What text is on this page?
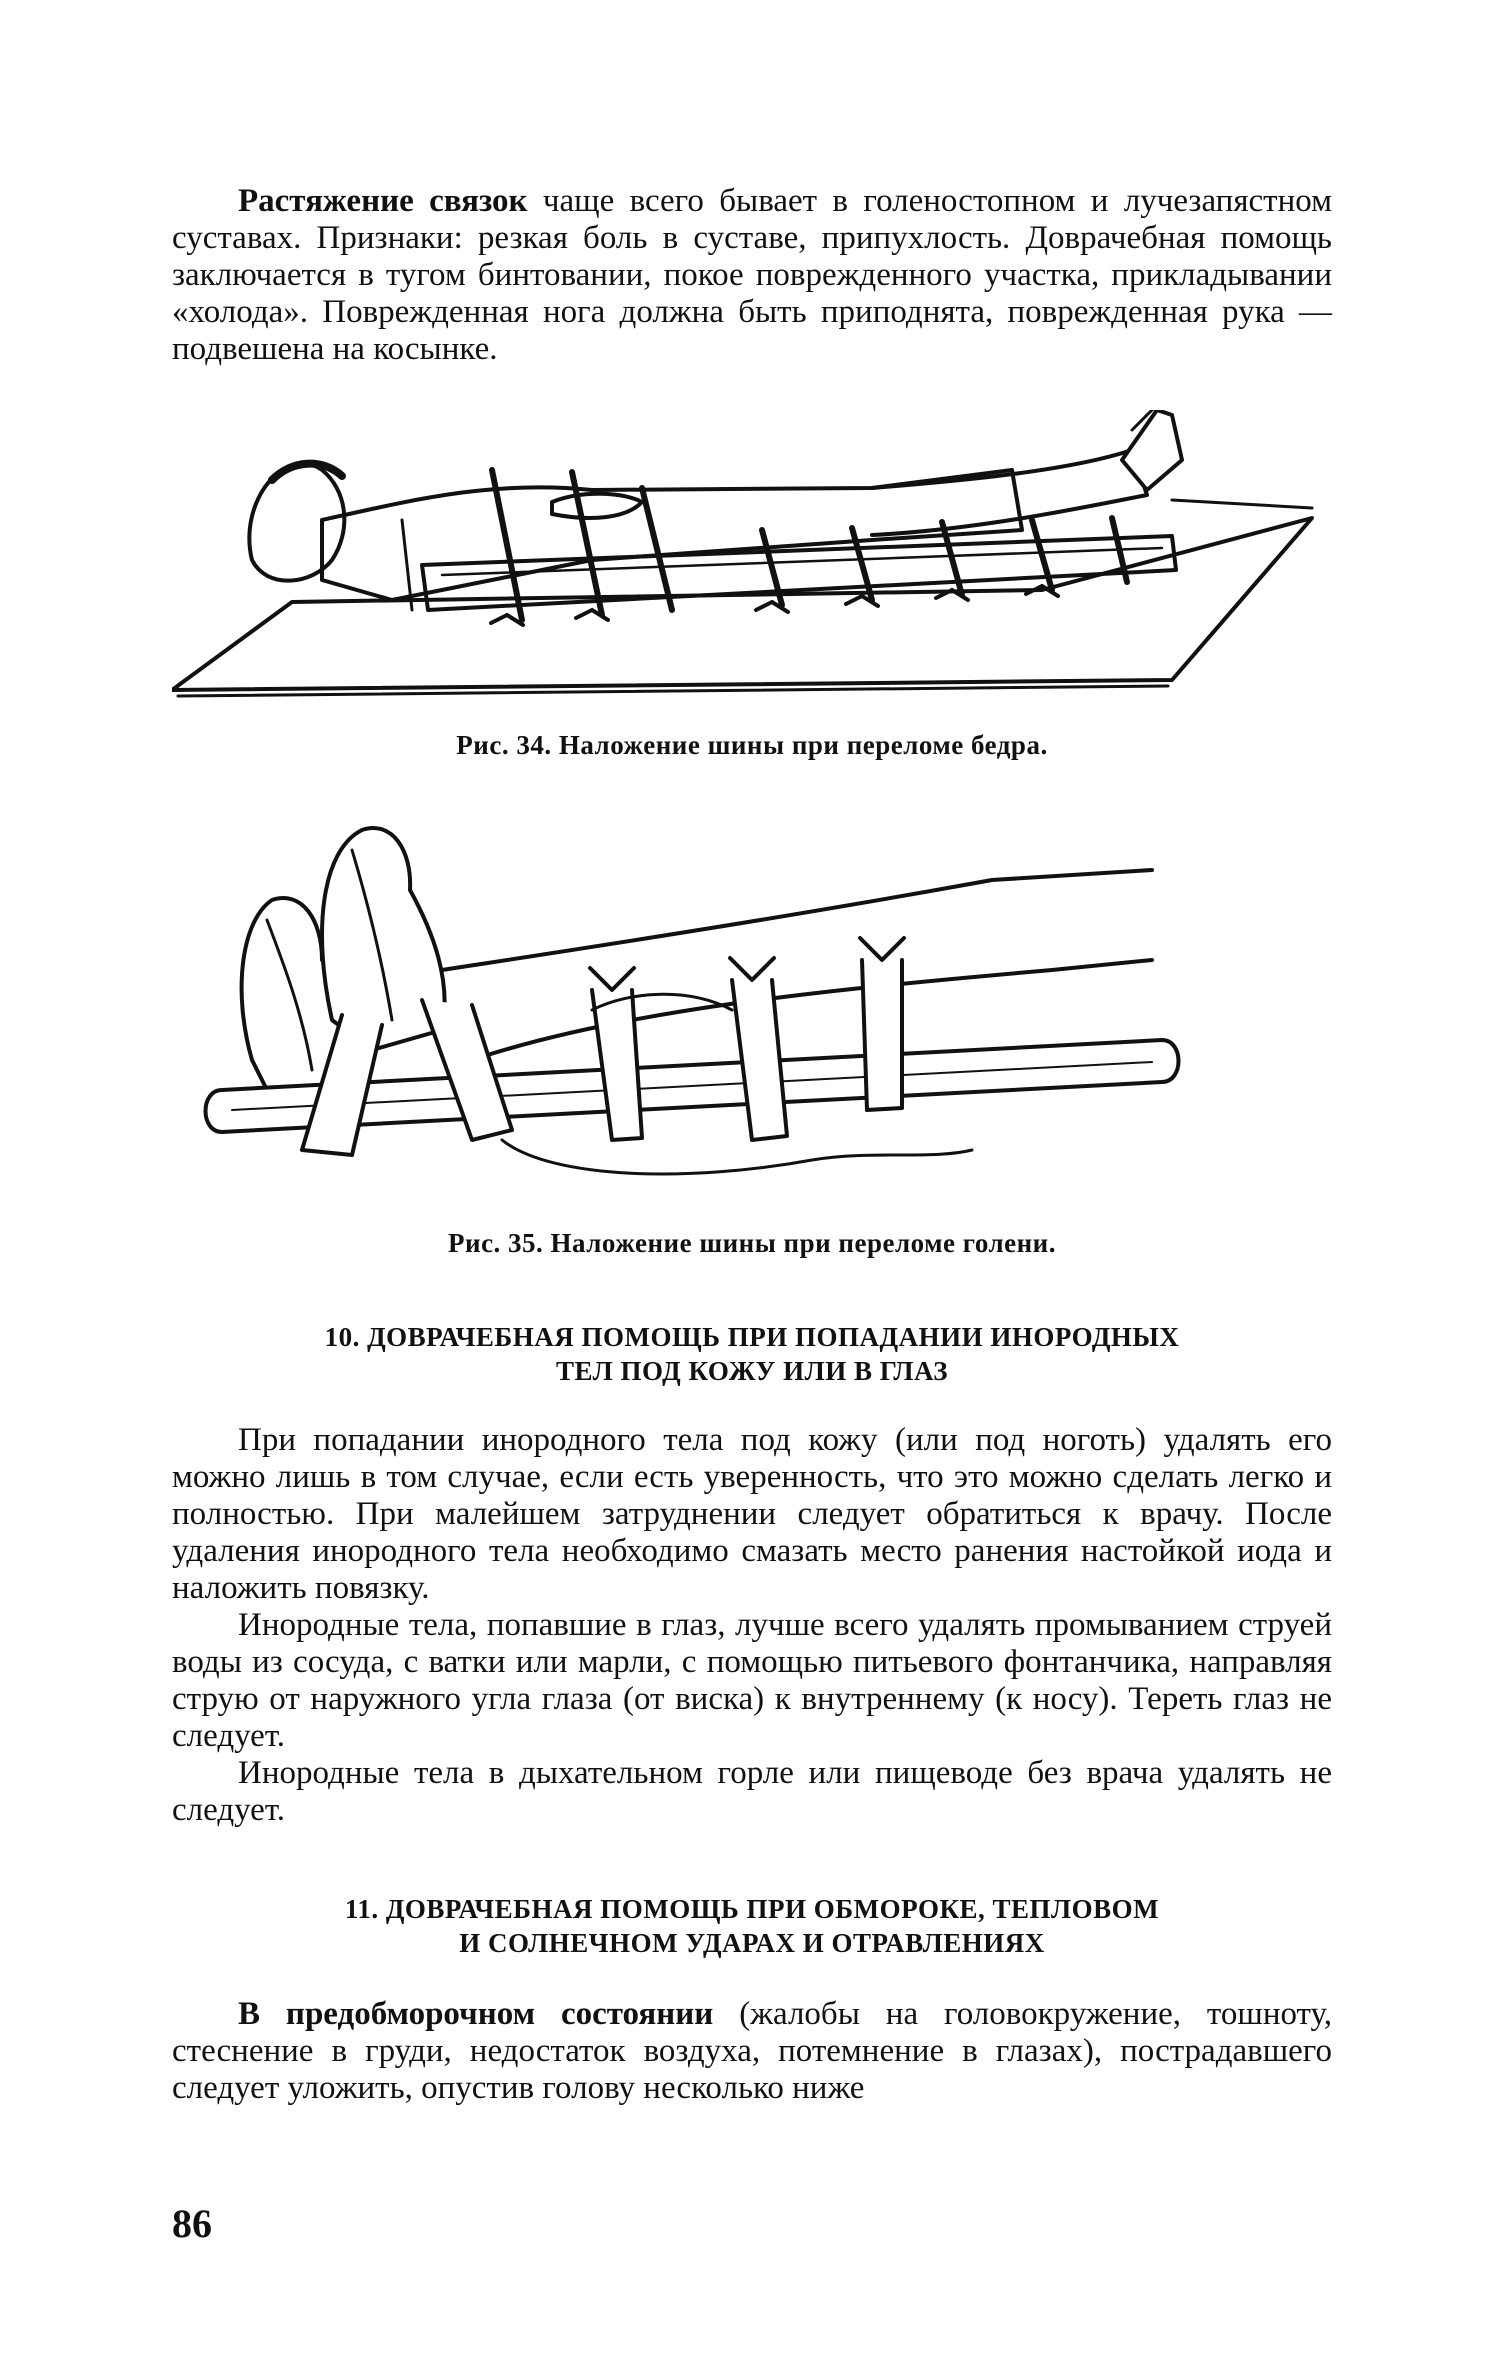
Растяжение связок чаще всего бывает в голеностопном и лучезапястном суставах. Признаки: резкая боль в суставе, припухлость. Доврачебная помощь заключается в тугом бинтовании, покое поврежденного участка, прикладывании «холода». Поврежденная нога должна быть приподнята, поврежденная рука — подвешена на косынке.

Рис. 34. Наложение шины при переломе бедра.
Рис. 35. Наложение шины при переломе голени.
10. ДОВРАЧЕБНАЯ ПОМОЩЬ ПРИ ПОПАДАНИИ ИНОРОДНЫХ
ТЕЛ ПОД КОЖУ ИЛИ В ГЛАЗ

При попадании инородного тела под кожу (или под ноготь) удалять его можно лишь в том случае, если есть уверенность, что это можно сделать легко и полностью. При малейшем затруднении следует обратиться к врачу. После удаления инородного тела необходимо смазать место ранения настойкой иода и наложить повязку.

Инородные тела, попавшие в глаз, лучше всего удалять промыванием струей воды из сосуда, с ватки или марли, с помощью питьевого фонтанчика, направляя струю от наружного угла глаза (от виска) к внутреннему (к носу). Тереть глаз не следует.

Инородные тела в дыхательном горле или пищеводе без врача удалять не следует.

11. ДОВРАЧЕБНАЯ ПОМОЩЬ ПРИ ОБМОРОКЕ, ТЕПЛОВОМ
И СОЛНЕЧНОМ УДАРАХ И ОТРАВЛЕНИЯХ

В предобморочном состоянии (жалобы на головокружение, тошноту, стеснение в груди, недостаток воздуха, потемнение в глазах), пострадавшего следует уложить, опустив голову несколько ниже

86
